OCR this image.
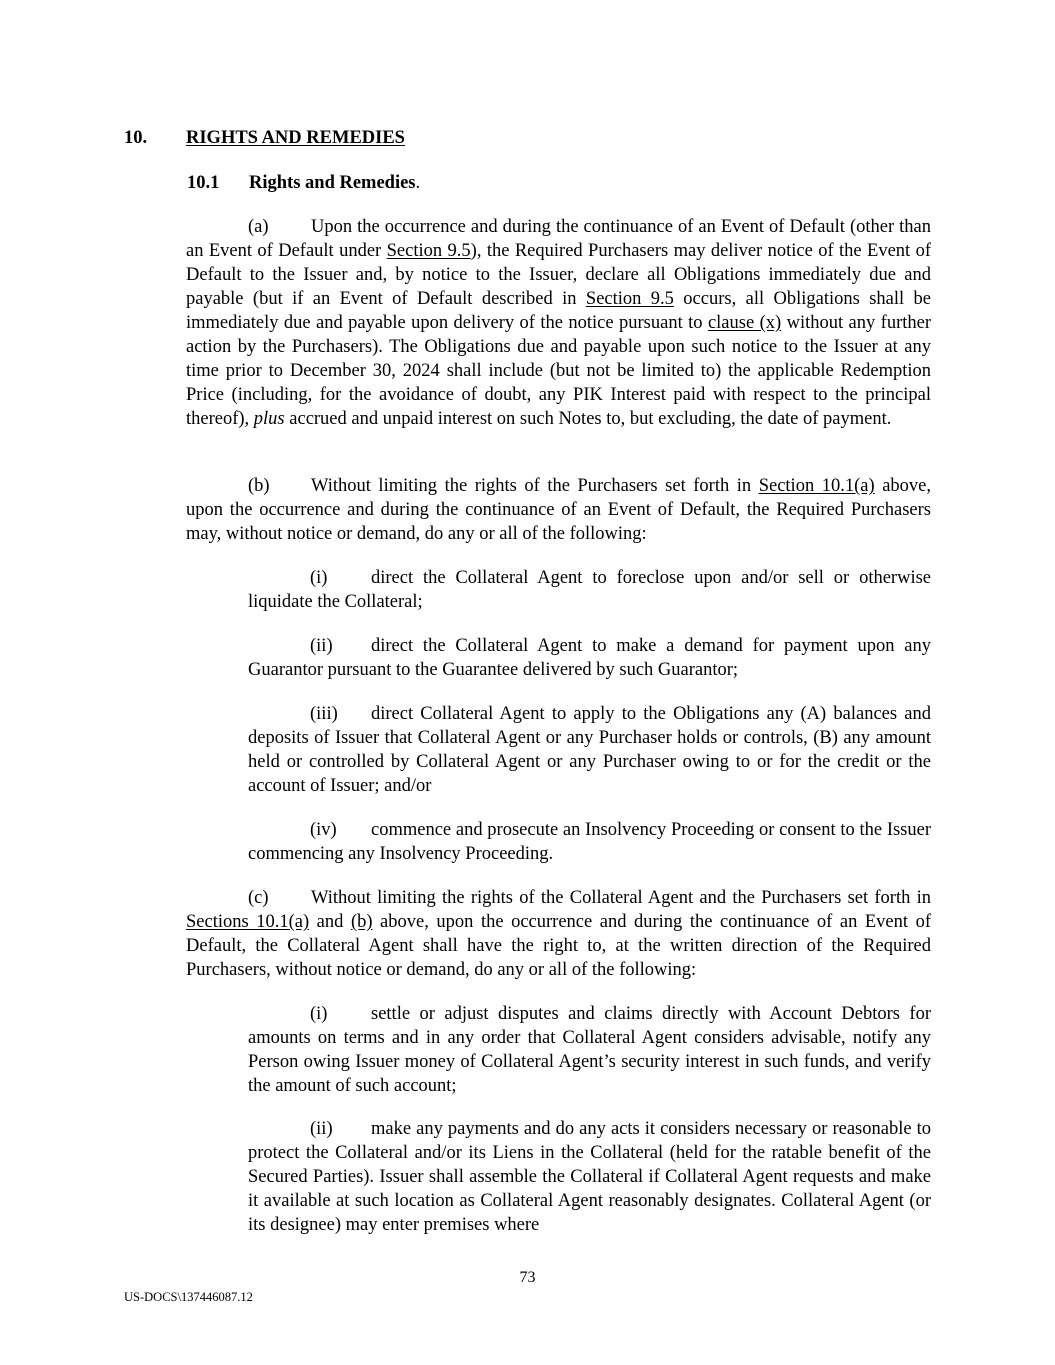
10. RIGHTS AND REMEDIES
10.1 Rights and Remedies.

(a) Upon the occurrence and during the continuance of an Event of Default (other than an Event of Default under Section 9.5), the Required Purchasers may deliver notice of the Event of Default to the Issuer and, by notice to the Issuer, declare all Obligations immediately due and payable (but if an Event of Default described in Section 9.5 occurs, all Obligations shall be immediately due and payable upon delivery of the notice pursuant to clause (x) without any further action by the Purchasers). The Obligations due and payable upon such notice to the Issuer at any time prior to December 30, 2024 shall include (but not be limited to) the applicable Redemption Price (including, for the avoidance of doubt, any PIK Interest paid with respect to the principal thereof), plus accrued and unpaid interest on such Notes to, but excluding, the date of payment.

(b) Without limiting the rights of the Purchasers set forth in Section 10.1(a) above, upon the occurrence and during the continuance of an Event of Default, the Required Purchasers may, without notice or demand, do any or all of the following:

(i) direct the Collateral Agent to foreclose upon and/or sell or otherwise liquidate the Collateral;

(ii) direct the Collateral Agent to make a demand for payment upon any Guarantor pursuant to the Guarantee delivered by such Guarantor;

(iii) direct Collateral Agent to apply to the Obligations any (A) balances and deposits of Issuer that Collateral Agent or any Purchaser holds or controls, (B) any amount held or controlled by Collateral Agent or any Purchaser owing to or for the credit or the account of Issuer; and/or

(iv) commence and prosecute an Insolvency Proceeding or consent to the Issuer commencing any Insolvency Proceeding.

(c) Without limiting the rights of the Collateral Agent and the Purchasers set forth in Sections 10.1(a) and (b) above, upon the occurrence and during the continuance of an Event of Default, the Collateral Agent shall have the right to, at the written direction of the Required Purchasers, without notice or demand, do any or all of the following:

(i) settle or adjust disputes and claims directly with Account Debtors for amounts on terms and in any order that Collateral Agent considers advisable, notify any Person owing Issuer money of Collateral Agent’s security interest in such funds, and verify the amount of such account;

(ii) make any payments and do any acts it considers necessary or reasonable to protect the Collateral and/or its Liens in the Collateral (held for the ratable benefit of the Secured Parties). Issuer shall assemble the Collateral if Collateral Agent requests and make it available at such location as Collateral Agent reasonably designates. Collateral Agent (or its designee) may enter premises where

73
US-DOCS\137446087.12
